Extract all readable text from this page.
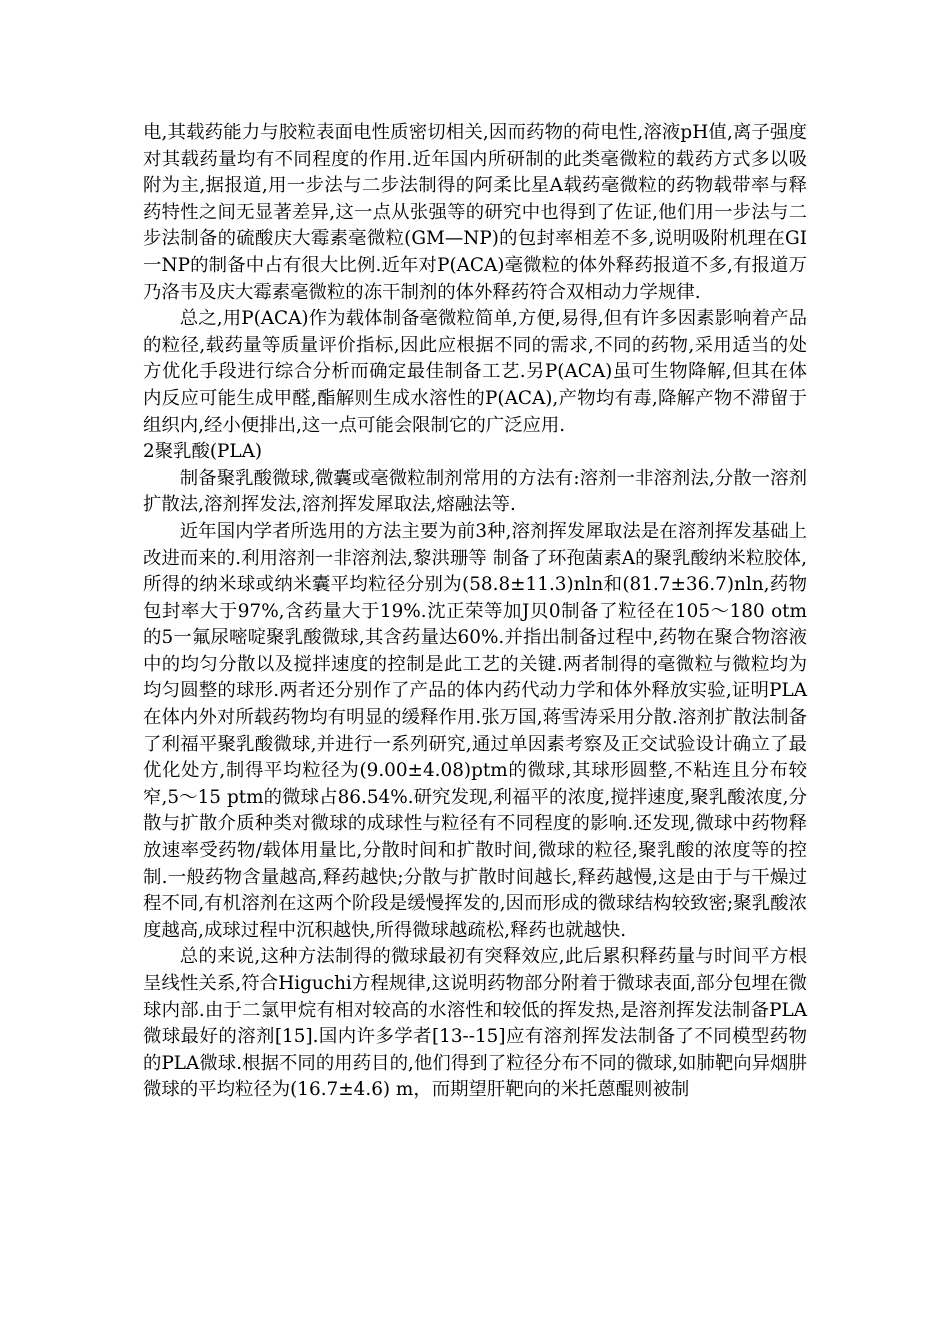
电,其载药能力与胶粒表面电性质密切相关,因而药物的荷电性,溶液pH值,离子强度对其载药量均有不同程度的作用.近年国内所研制的此类毫微粒的载药方式多以吸附为主,据报道,用一步法与二步法制得的阿柔比星A载药毫微粒的药物载带率与释药特性之间无显著差异,这一点从张强等的研究中也得到了佐证,他们用一步法与二步法制备的硫酸庆大霉素毫微粒(GM—NP)的包封率相差不多,说明吸附机理在GI一NP的制备中占有很大比例.近年对P(ACA)毫微粒的体外释药报道不多,有报道万乃洛韦及庆大霉素毫微粒的冻干制剂的体外释药符合双相动力学规律.

总之,用P(ACA)作为载体制备毫微粒简单,方便,易得,但有许多因素影响着产品的粒径,载药量等质量评价指标,因此应根据不同的需求,不同的药物,采用适当的处方优化手段进行综合分析而确定最佳制备工艺.另P(ACA)虽可生物降解,但其在体内反应可能生成甲醛,酯解则生成水溶性的P(ACA),产物均有毒,降解产物不滞留于组织内,经小便排出,这一点可能会限制它的广泛应用.

2聚乳酸(PLA)

制备聚乳酸微球,微囊或毫微粒制剂常用的方法有:溶剂一非溶剂法,分散一溶剂扩散法,溶剂挥发法,溶剂挥发犀取法,熔融法等.

近年国内学者所选用的方法主要为前3种,溶剂挥发犀取法是在溶剂挥发基础上改进而来的.利用溶剂一非溶剂法,黎洪珊等 制备了环孢菌素A的聚乳酸纳米粒胶体,所得的纳米球或纳米囊平均粒径分别为(58.8±11.3)nln和(81.7±36.7)nln,药物包封率大于97%,含药量大于19%.沈正荣等加J贝0制备了粒径在105～180 otm的5一氟尿嘧啶聚乳酸微球,其含药量达60%.并指出制备过程中,药物在聚合物溶液中的均匀分散以及搅拌速度的控制是此工艺的关键.两者制得的毫微粒与微粒均为均匀圆整的球形.两者还分别作了产品的体内药代动力学和体外释放实验,证明PLA在体内外对所载药物均有明显的缓释作用.张万国,蒋雪涛采用分散.溶剂扩散法制备了利福平聚乳酸微球,并进行一系列研究,通过单因素考察及正交试验设计确立了最优化处方,制得平均粒径为(9.00±4.08)ptm的微球,其球形圆整,不粘连且分布较窄,5～15 ptm的微球占86.54%.研究发现,利福平的浓度,搅拌速度,聚乳酸浓度,分散与扩散介质种类对微球的成球性与粒径有不同程度的影响.还发现,微球中药物释放速率受药物/载体用量比,分散时间和扩散时间,微球的粒径,聚乳酸的浓度等的控制.一般药物含量越高,释药越快;分散与扩散时间越长,释药越慢,这是由于与干燥过程不同,有机溶剂在这两个阶段是缓慢挥发的,因而形成的微球结构较致密;聚乳酸浓度越高,成球过程中沉积越快,所得微球越疏松,释药也就越快.

总的来说,这种方法制得的微球最初有突释效应,此后累积释药量与时间平方根呈线性关系,符合Higuchi方程规律,这说明药物部分附着于微球表面,部分包埋在微球内部.由于二氯甲烷有相对较高的水溶性和较低的挥发热,是溶剂挥发法制备PLA微球最好的溶剂[15].国内许多学者[13--15]应有溶剂挥发法制备了不同模型药物的PLA微球.根据不同的用药目的,他们得到了粒径分布不同的微球,如肺靶向异烟肼微球的平均粒径为(16.7±4.6) m，而期望肝靶向的米托蒽醌则被制
